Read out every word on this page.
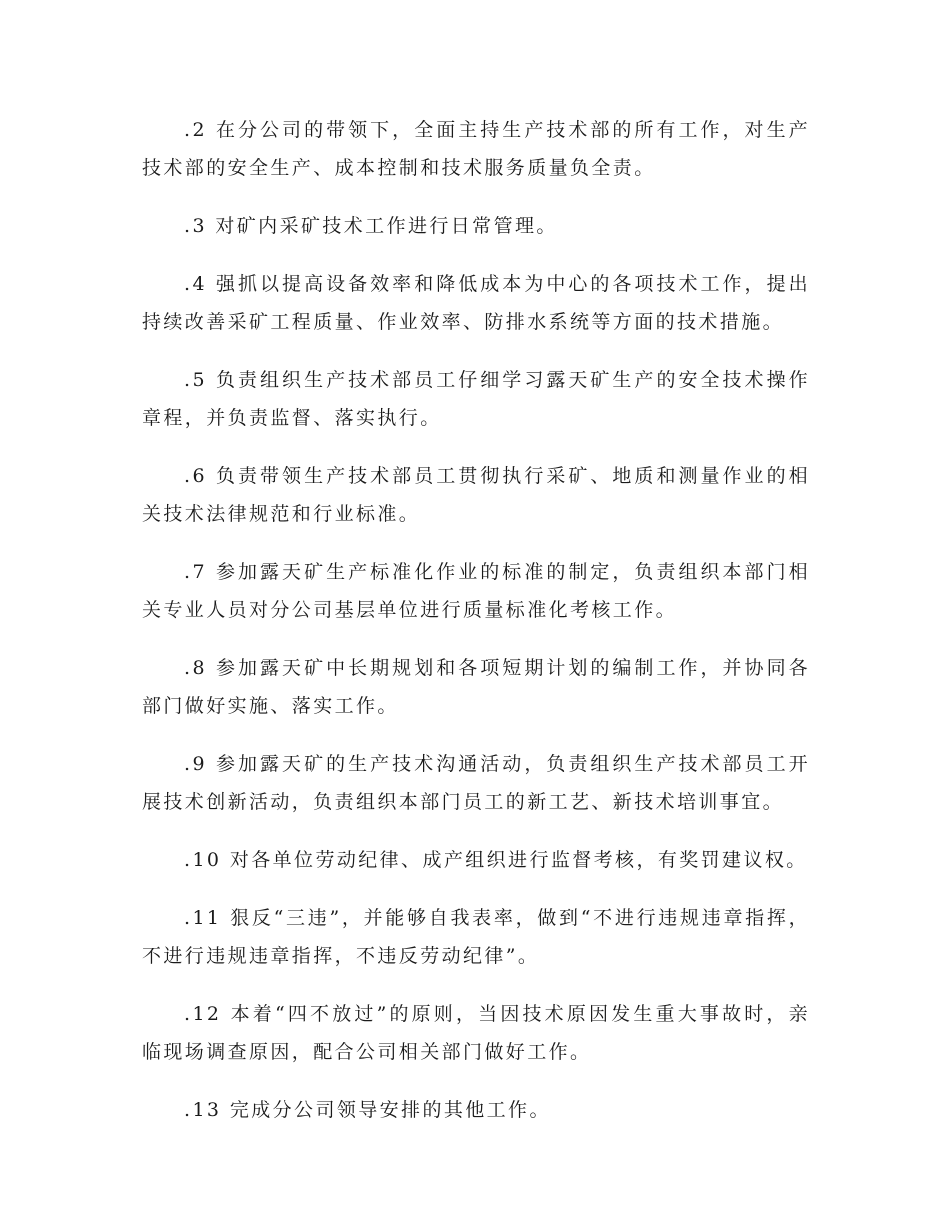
.2 在分公司的带领下，全面主持生产技术部的所有工作，对生产技术部的安全生产、成本控制和技术服务质量负全责。

.3 对矿内采矿技术工作进行日常管理。

.4 强抓以提高设备效率和降低成本为中心的各项技术工作，提出持续改善采矿工程质量、作业效率、防排水系统等方面的技术措施。

.5 负责组织生产技术部员工仔细学习露天矿生产的安全技术操作章程，并负责监督、落实执行。

.6 负责带领生产技术部员工贯彻执行采矿、地质和测量作业的相关技术法律规范和行业标准。

.7 参加露天矿生产标准化作业的标准的制定，负责组织本部门相关专业人员对分公司基层单位进行质量标准化考核工作。

.8 参加露天矿中长期规划和各项短期计划的编制工作，并协同各部门做好实施、落实工作。

.9 参加露天矿的生产技术沟通活动，负责组织生产技术部员工开展技术创新活动，负责组织本部门员工的新工艺、新技术培训事宜。

.10 对各单位劳动纪律、成产组织进行监督考核，有奖罚建议权。

.11 狠反“三违”，并能够自我表率，做到“不进行违规违章指挥，不进行违规违章指挥，不违反劳动纪律”。

.12 本着“四不放过”的原则，当因技术原因发生重大事故时，亲临现场调查原因，配合公司相关部门做好工作。

.13 完成分公司领导安排的其他工作。
